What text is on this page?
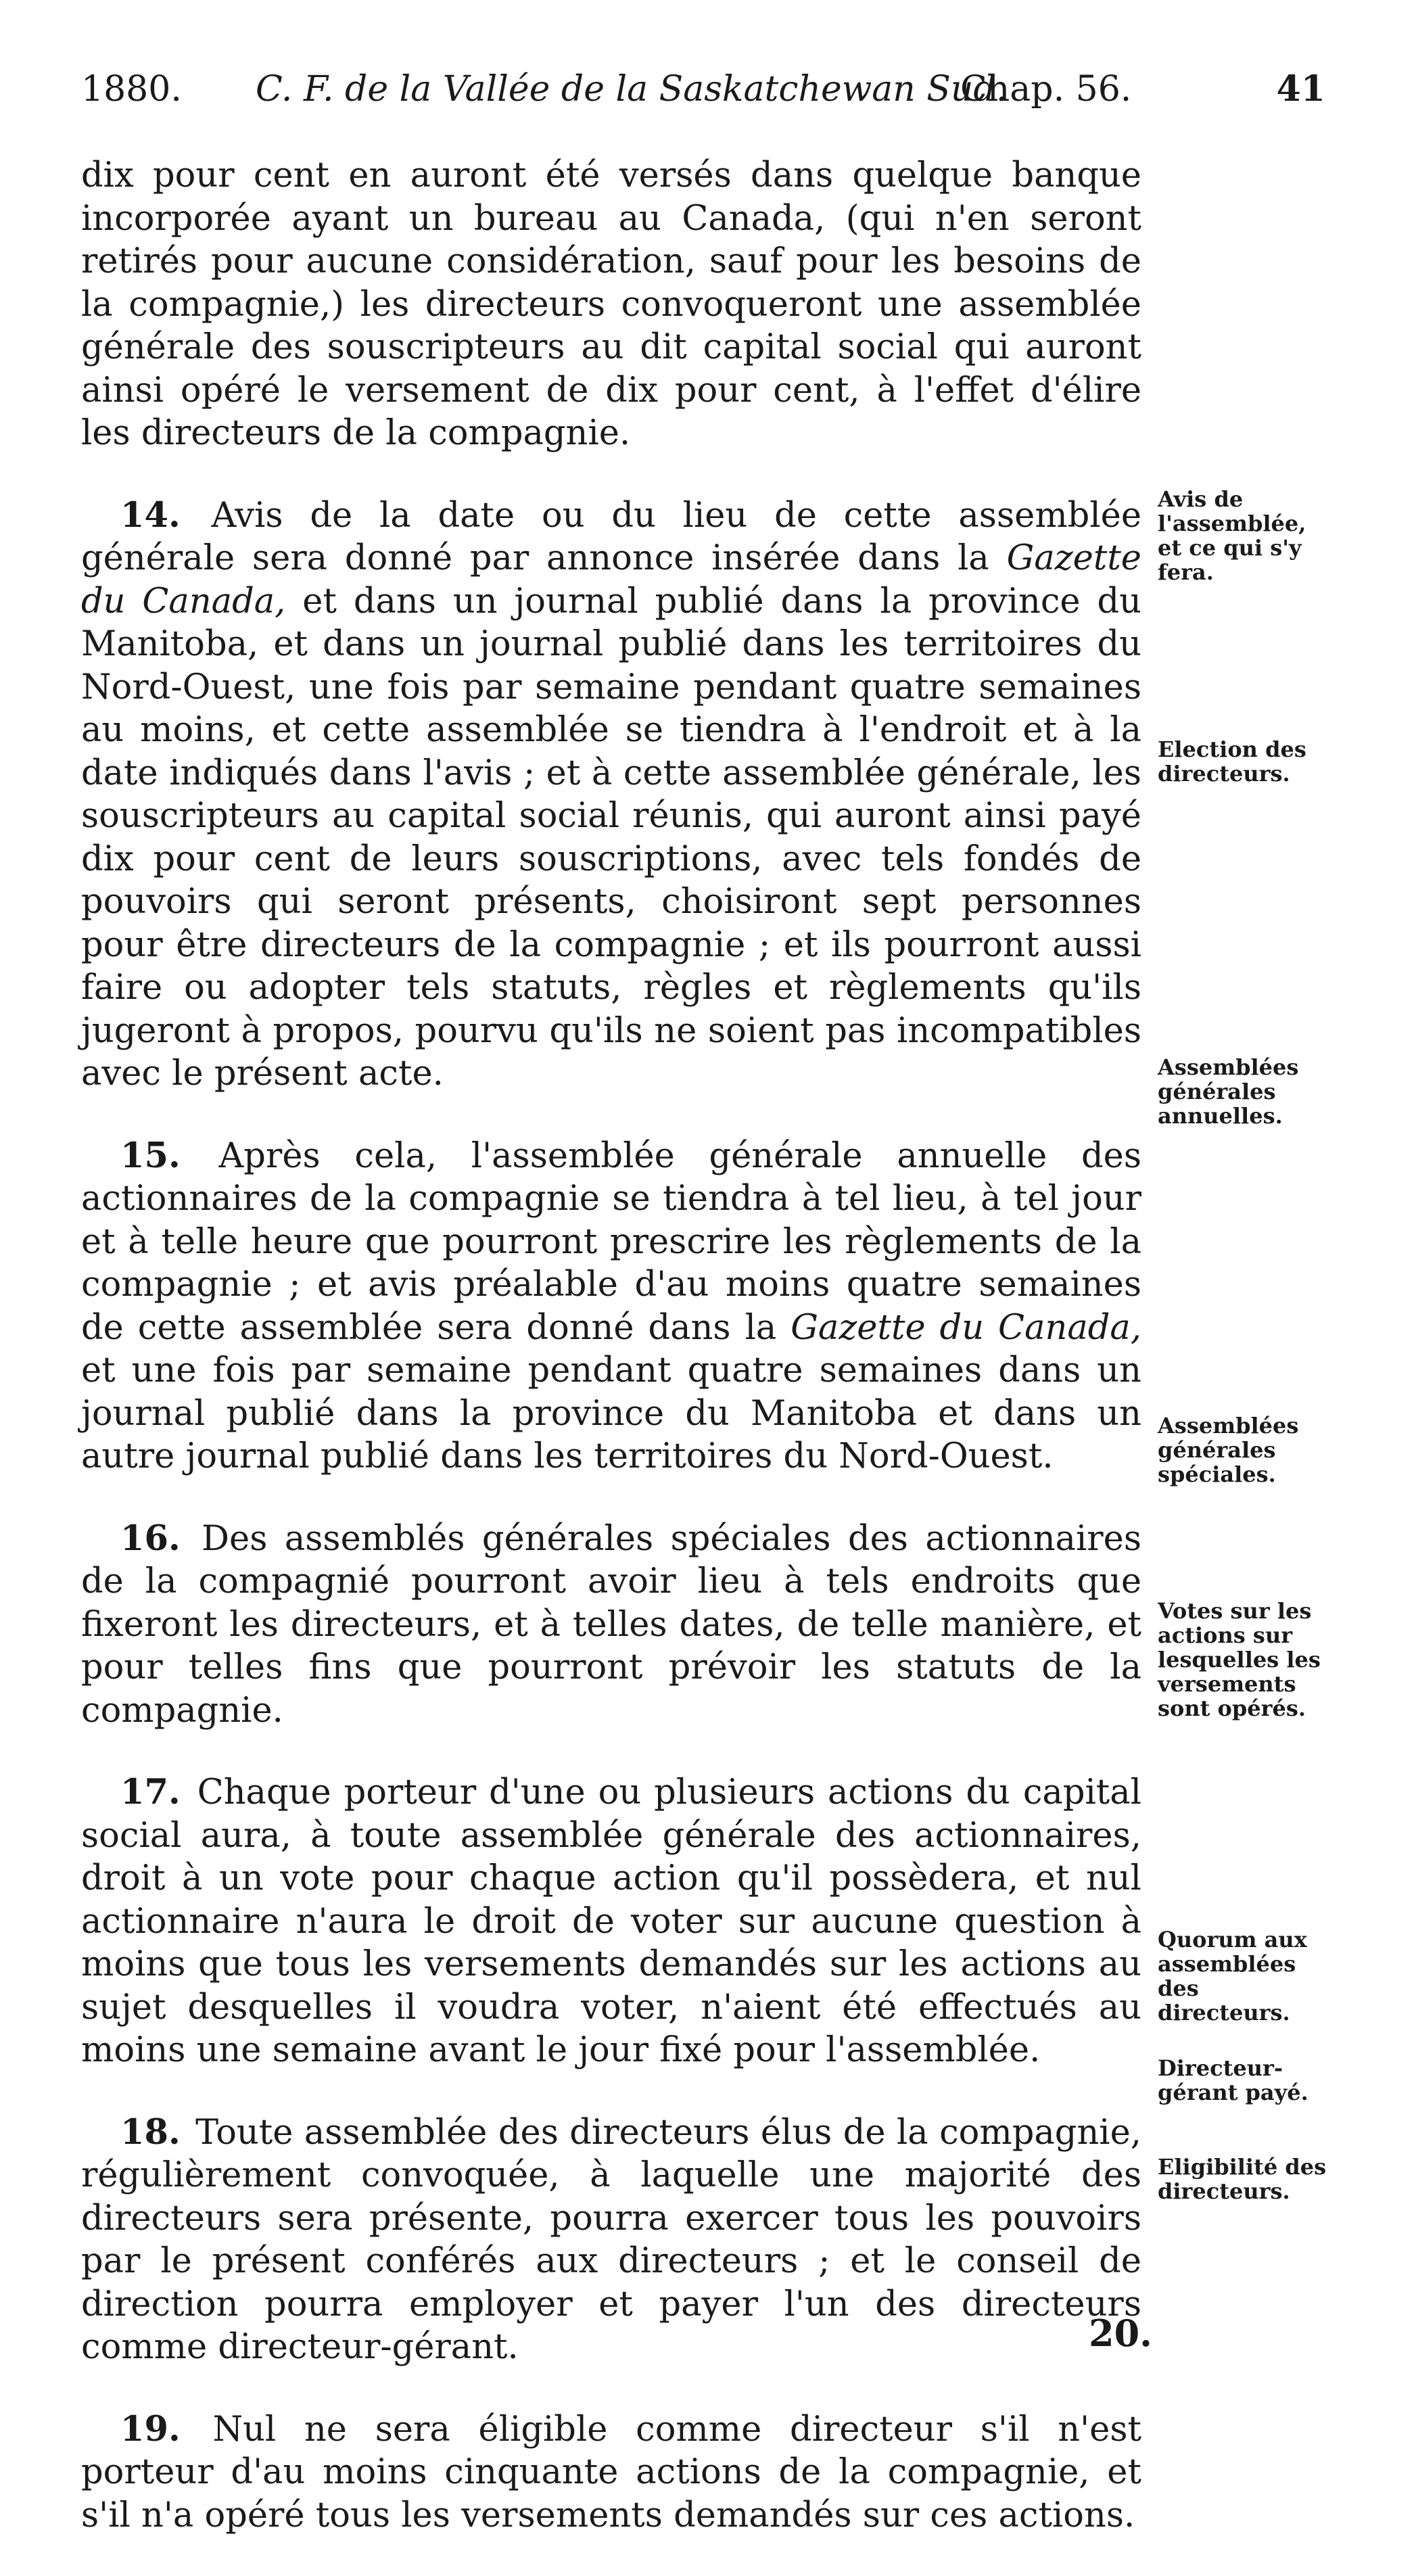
1880. C. F. de la Vallée de la Saskatchewan Sud.
Chap. 56.	41

dix pour cent en auront été versés dans quelque banque incorporée ayant un bureau au Canada, (qui n'en seront retirés pour aucune considération, sauf pour les besoins de la compagnie,) les directeurs convoqueront une assemblée générale des souscripteurs au dit capital social qui auront ainsi opéré le versement de dix pour cent, à l'effet d'élire les directeurs de la compagnie.

14. Avis de la date ou du lieu de cette assemblée générale sera donné par annonce insérée dans la Gazette du Canada, et dans un journal publié dans la province du Manitoba, et dans un journal publié dans les territoires du Nord-Ouest, une fois par semaine pendant quatre semaines au moins, et cette assemblée se tiendra à l'endroit et à la date indiqués dans l'avis ; et à cette assemblée générale, les souscripteurs au capital social réunis, qui auront ainsi payé dix pour cent de leurs souscriptions, avec tels fondés de pouvoirs qui seront présents, choisiront sept personnes pour être directeurs de la compagnie ; et ils pourront aussi faire ou adopter tels statuts, règles et règlements qu'ils jugeront à propos, pourvu qu'ils ne soient pas incompatibles avec le présent acte.

15. Après cela, l'assemblée générale annuelle des actionnaires de la compagnie se tiendra à tel lieu, à tel jour et à telle heure que pourront prescrire les règlements de la compagnie ; et avis préalable d'au moins quatre semaines de cette assemblée sera donné dans la Gazette du Canada, et une fois par semaine pendant quatre semaines dans un journal publié dans la province du Manitoba et dans un autre journal publié dans les territoires du Nord-Ouest.

16. Des assemblés générales spéciales des actionnaires de la compagnié pourront avoir lieu à tels endroits que fixeront les directeurs, et à telles dates, de telle manière, et pour telles fins que pourront prévoir les statuts de la compagnie.

17. Chaque porteur d'une ou plusieurs actions du capital social aura, à toute assemblée générale des actionnaires, droit à un vote pour chaque action qu'il possèdera, et nul actionnaire n'aura le droit de voter sur aucune question à moins que tous les versements demandés sur les actions au sujet desquelles il voudra voter, n'aient été effectués au moins une semaine avant le jour fixé pour l'assemblée.

18. Toute assemblée des directeurs élus de la compagnie, régulièrement convoquée, à laquelle une majorité des directeurs sera présente, pourra exercer tous les pouvoirs par le présent conférés aux directeurs ; et le conseil de direction pourra employer et payer l'un des directeurs comme directeur-gérant.

19. Nul ne sera éligible comme directeur s'il n'est porteur d'au moins cinquante actions de la compagnie, et s'il n'a opéré tous les versements demandés sur ces actions.

Avis de l'assemblée, et ce qui s'y fera.
Election des directeurs.
Assemblées générales annuelles.
Assemblées générales spéciales.
Votes sur les actions sur lesquelles les versements sont opérés.
Quorum aux assemblées des directeurs.
Directeur-gérant payé.
Eligibilité des directeurs.
20.
